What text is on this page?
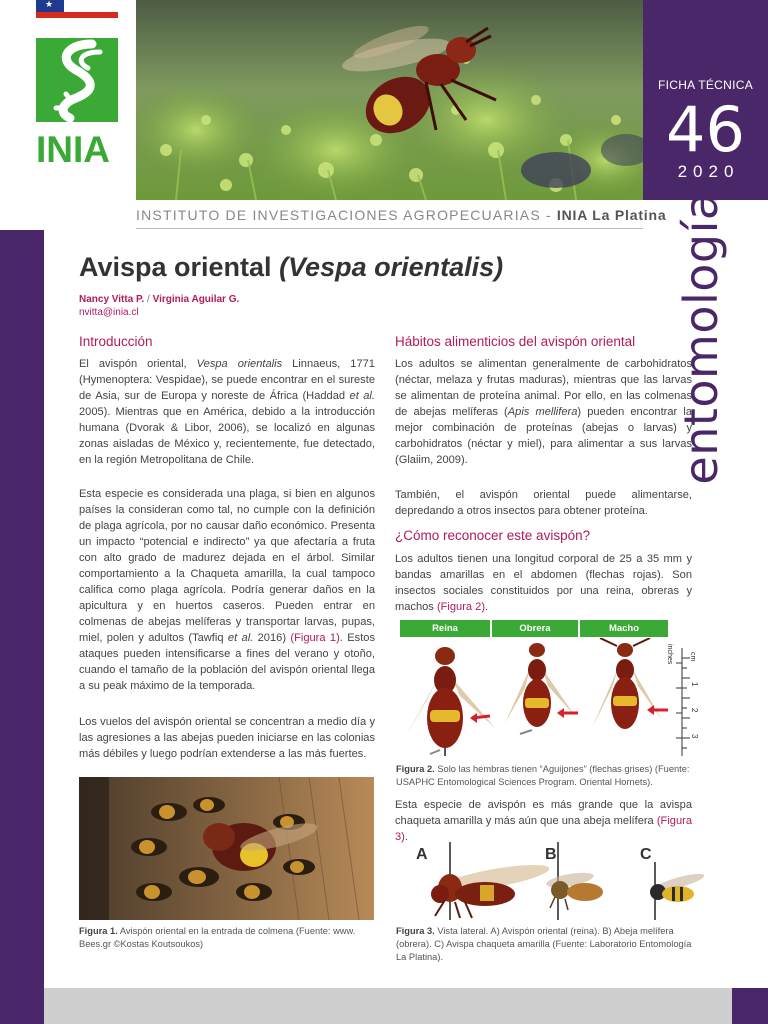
★
INIA
FICHA TÉCNICA
46
2020
INSTITUTO DE INVESTIGACIONES AGROPECUARIAS - INIA La Platina entomología
Avispa oriental (Vespa orientalis)
Nancy Vitta P. / Virginia Aguilar G.
nvitta@inia.cl
Introducción
El avispón oriental, Vespa orientalis Linnaeus, 1771 (Hymenoptera: Vespidae), se puede encontrar en el sureste de Asia, sur de Europa y noreste de África (Haddad et al. 2005). Mientras que en América, debido a la introducción humana (Dvorak & Libor, 2006), se localizó en algunas zonas aisladas de México y, recientemente, fue detectado, en la región Metropolitana de Chile.
Esta especie es considerada una plaga, si bien en algunos países la consideran como tal, no cumple con la definición de plaga agrícola, por no causar daño económico. Presenta un impacto “potencial e indirecto” ya que afectaría a fruta con alto grado de madurez dejada en el árbol. Similar comportamiento a la Chaqueta amarilla, la cual tampoco califica como plaga agrícola. Podría generar daños en la apicultura y en huertos caseros. Pueden entrar en colmenas de abejas melíferas y transportar larvas, pupas, miel, polen y adultos (Tawfiq et al. 2016) (Figura 1). Estos ataques pueden intensificarse a fines del verano y otoño, cuando el tamaño de la población del avispón oriental llega a su peak máximo de la temporada.
Los vuelos del avispón oriental se concentran a medio día y las agresiones a las abejas pueden iniciarse en las colonias más débiles y luego podrían extenderse a las más fuertes.
Figura 1. Avispón oriental en la entrada de colmena (Fuente: www. Bees.gr ©Kostas Koutsoukos)
Hábitos alimenticios del avispón oriental
Los adultos se alimentan generalmente de carbohidratos (néctar, melaza y frutas maduras), mientras que las larvas se alimentan de proteína animal. Por ello, en las colmenas de abejas melíferas (Apis mellifera) pueden encontrar la mejor combinación de proteínas (abejas o larvas) y carbohidratos (néctar y miel), para alimentar a sus larvas (Glaiim, 2009).
También, el avispón oriental puede alimentarse, depredando a otros insectos para obtener proteína.
¿Cómo reconocer este avispón?
Los adultos tienen una longitud corporal de 25 a 35 mm y bandas amarillas en el abdomen (flechas rojas). Son insectos sociales constituidos por una reina, obreras y machos (Figura 2).
Reina	Obrera	Macho
cm
inches
1
2
3
Figura 2. Solo las hembras tienen “Aguijones” (flechas grises) (Fuente: USAPHC Entomological Sciences Program. Oriental Hornets).
Esta especie de avispón es más grande que la avispa chaqueta amarilla y más aún que una abeja melífera (Figura 3).
A	B	C
Figura 3. Vista lateral. A) Avispón oriental (reina). B) Abeja melífera (obrera). C) Avispa chaqueta amarilla (Fuente: Laboratorio Entomología La Platina).
